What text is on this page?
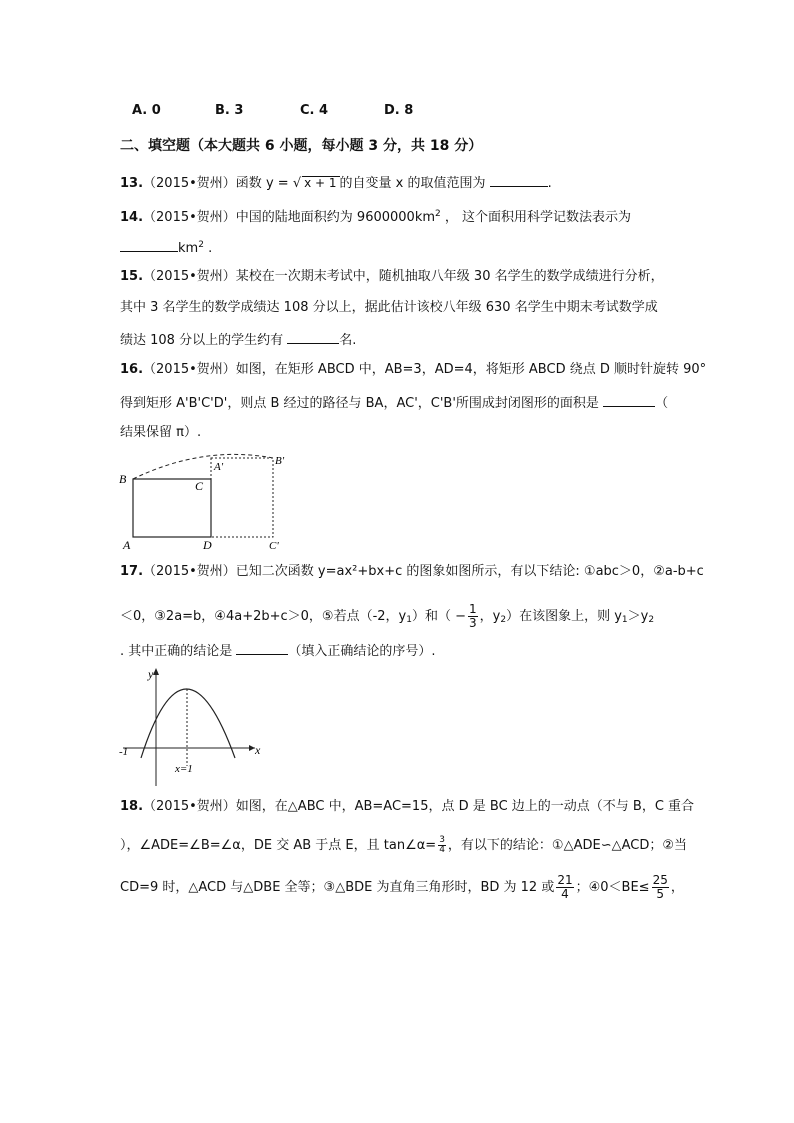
A. 0	B. 3	C. 4	D. 8
二、填空题（本大题共 6 小题，每小题 3 分，共 18 分）
13.（2015•贺州）函数 y = √ x + 1 的自变量 x 的取值范围为	.
14.（2015•贺州）中国的陆地面积约为 $9600000km^2$ ， 这个面积用科学记数法表示为
$km^2$ .
15.（2015•贺州）某校在一次期末考试中，随机抽取八年级 30 名学生的数学成绩进行分析，
其中 3 名学生的数学成绩达 108 分以上，据此估计该校八年级 630 名学生中期末考试数学成
绩达 108 分以上的学生约有	名.
16.（2015•贺州）如图，在矩形 ABCD 中，AB=3，AD=4，将矩形 ABCD 绕点 D 顺时针旋转 90°
得到矩形 A'B'C'D'，则点 B 经过的路径与 BA，AC'，C'B'所围成封闭图形的面积是	（
结果保留 π）.
B	C
A'	B'
A	D	C'
17.（2015•贺州）已知二次函数 y=ax²+bx+c 的图象如图所示，有以下结论: ①abc＞0，②a-b+c
＜0，③2a=b，④4a+2b+c＞0，⑤若点（-2，$y_1$）和（ − $\frac{1}{3}$ ，$y_2$）在该图象上，则 $y_1>y_2$
. 其中正确的结论是	（填入正确结论的序号）.
y
x
-1
x=1
18.（2015•贺州）如图，在△ABC 中，AB=AC=15，点 D 是 BC 边上的一动点（不与 B，C 重合
），∠ADE=∠B=∠α，DE 交 AB 于点 E，且 tan∠α= $\frac{3}{4}$ ，有以下的结论：①△ADE∽△ACD；②当
CD=9 时，△ACD 与△DBE 全等；③△BDE 为直角三角形时，BD 为 12 或 $\frac{21}{4}$ ；④0＜BE≤ $\frac{25}{5}$ ，
